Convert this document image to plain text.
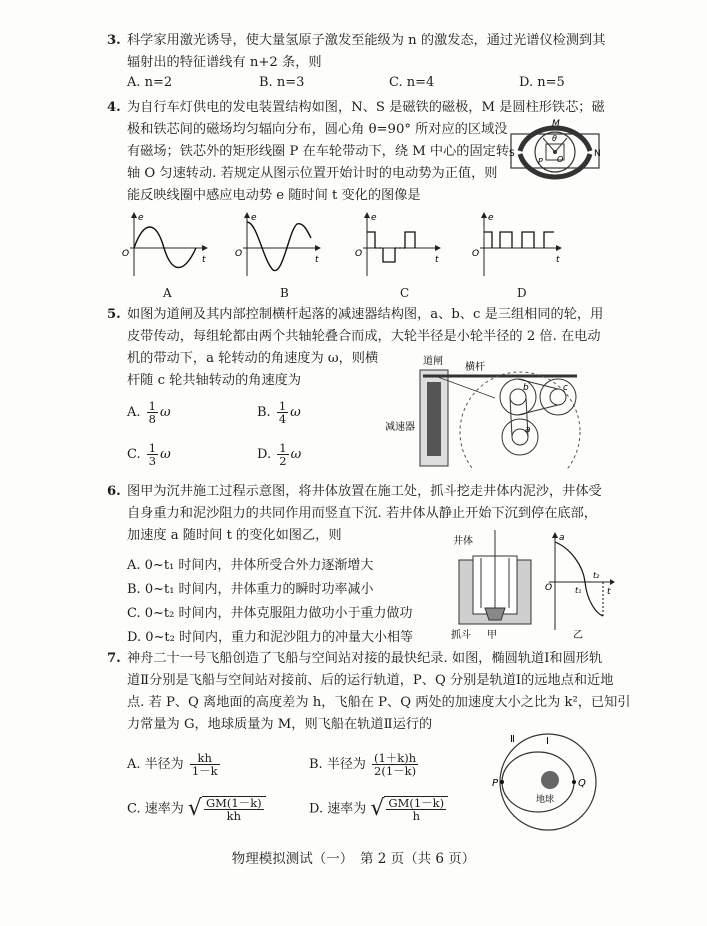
3. 科学家用激光诱导，使大量氢原子激发至能级为 n 的激发态，通过光谱仪检测到其

辐射出的特征谱线有 n+2 条，则

A. n=2	B. n=3	C. n=4	D. n=5
4. 为自行车灯供电的发电装置结构如图，N、S 是磁铁的磁极，M 是圆柱形铁芯；磁

极和铁芯间的磁场均匀辐向分布，圆心角 θ=90° 所对应的区域没

有磁场；铁芯外的矩形线圈 P 在车轮带动下，绕 M 中心的固定转

轴 O 匀速转动. 若规定从图示位置开始计时的电动势为正值，则

能反映线圈中感应电动势 e 随时间 t 变化的图像是

S	N
M
P O
θ
e
t
O
e
t
O
e
t
O
e
t
O
A	B	C	D
5. 如图为道闸及其内部控制横杆起落的减速器结构图，a、b、c 是三组相同的轮，用

皮带传动，每组轮都由两个共轴轮叠合而成，大轮半径是小轮半径的 2 倍. 在电动

机的带动下，a 轮转动的角速度为 ω，则横

杆随 c 轮共轴转动的角速度为

A. $\frac{1}{8}$ ω	B. $\frac{1}{4}$ ω
C. $\frac{1}{3}$ ω	D. $\frac{1}{2}$ ω
道闸
横杆
减速器
b	c
a
6. 图甲为沉井施工过程示意图，将井体放置在施工处，抓斗挖走井体内泥沙，井体受

自身重力和泥沙阻力的共同作用而竖直下沉. 若井体从静止开始下沉到停在底部，

加速度 a 随时间 t 的变化如图乙，则

A. 0~t₁ 时间内，井体所受合外力逐渐增大
B. 0~t₁ 时间内，井体重力的瞬时功率减小
C. 0~t₂ 时间内，井体克服阻力做功小于重力做功
D. 0~t₂ 时间内，重力和泥沙阻力的冲量大小相等
井体
抓斗 甲
a
O	t
t₁
t₂
乙
7. 神舟二十一号飞船创造了飞船与空间站对接的最快纪录. 如图，椭圆轨道Ⅰ和圆形轨

道Ⅱ分别是飞船与空间站对接前、后的运行轨道，P、Q 分别是轨道Ⅰ的远地点和近地

点. 若 P、Q 离地面的高度差为 h，飞船在 P、Q 两处的加速度大小之比为 k²，已知引

力常量为 G，地球质量为 M，则飞船在轨道Ⅱ运行的

A. 半径为 $\frac{kh}{1-k}$	B. 半径为 $\frac{(1+k)h}{2(1-k)}$
C. 速率为 √ $\frac{GM(1-k)}{kh}$	D. 速率为 √ $\frac{GM(1-k)}{h}$
P	Q
Ⅱ	Ⅰ
地球
物理模拟测试（一）　第 2 页（共 6 页）
